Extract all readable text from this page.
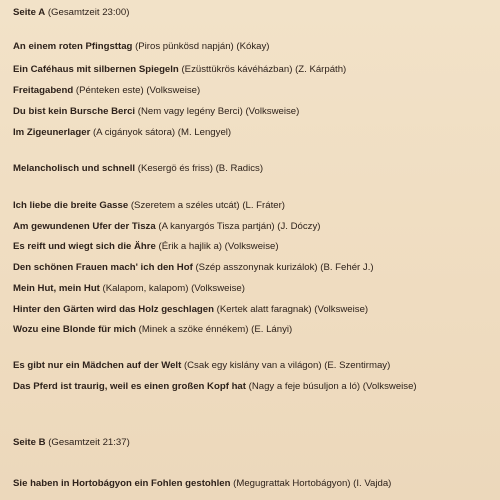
Seite A (Gesamtzeit 23:00)
An einem roten Pfingsttag (Piros pünkösd napján) (Kókay)
Ein Caféhaus mit silbernen Spiegeln (Ezüsttükrös kávéházban) (Z. Kárpáth)
Freitagabend (Pénteken este) (Volksweise)
Du bist kein Bursche Berci (Nem vagy legény Berci) (Volksweise)
Im Zigeunerlager (A cigányok sátora) (M. Lengyel)
Melancholisch und schnell (Kesergö és friss) (B. Radics)
Ich liebe die breite Gasse (Szeretem a széles utcát) (L. Fráter)
Am gewundenen Ufer der Tisza (A kanyargós Tisza partján) (J. Dóczy)
Es reift und wiegt sich die Ähre (Érik a hajlik a) (Volksweise)
Den schönen Frauen mach' ich den Hof (Szép asszonynak kurizálok) (B. Fehér J.)
Mein Hut, mein Hut (Kalapom, kalapom) (Volksweise)
Hinter den Gärten wird das Holz geschlagen (Kertek alatt faragnak) (Volksweise)
Wozu eine Blonde für mich (Minek a szöke énnékem) (E. Lányi)
Es gibt nur ein Mädchen auf der Welt (Csak egy kislány van a világon) (E. Szentirmay)
Das Pferd ist traurig, weil es einen großen Kopf hat (Nagy a feje búsuljon a ló) (Volksweise)
Seite B (Gesamtzeit 21:37)
Sie haben in Hortobágyon ein Fohlen gestohlen (Megugrattak Hortobágyon) (I. Vajda)
